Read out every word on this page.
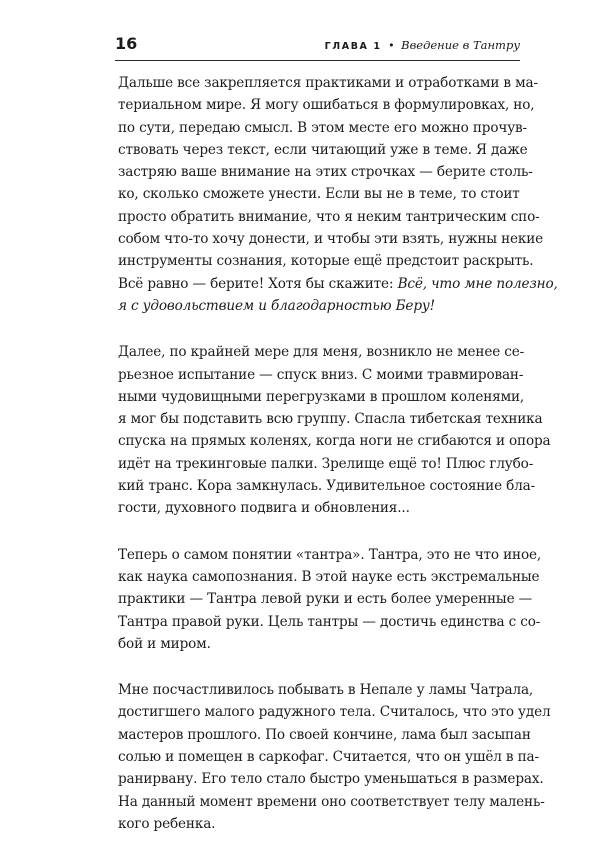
16	ГЛАВА 1 • Введение в Тантру
Дальше все закрепляется практиками и отработками в ма-
териальном мире. Я могу ошибаться в формулировках, но,
по сути, передаю смысл. В этом месте его можно прочув-
ствовать через текст, если читающий уже в теме. Я даже
застряю ваше внимание на этих строчках — берите столь-
ко, сколько сможете унести. Если вы не в теме, то стоит
просто обратить внимание, что я неким тантрическим спо-
собом что-то хочу донести, и чтобы эти взять, нужны некие
инструменты сознания, которые ещё предстоит раскрыть.
Всё равно — берите! Хотя бы скажите: Всё, что мне полезно,
я с удовольствием и благодарностью Беру!
Далее, по крайней мере для меня, возникло не менее се-
рьезное испытание — спуск вниз. С моими травмирован-
ными чудовищными перегрузками в прошлом коленями,
я мог бы подставить всю группу. Спасла тибетская техника
спуска на прямых коленях, когда ноги не сгибаются и опора
идёт на трекинговые палки. Зрелище ещё то! Плюс глубо-
кий транс. Кора замкнулась. Удивительное состояние бла-
гости, духовного подвига и обновления...
Теперь о самом понятии «тантра». Тантра, это не что иное,
как наука самопознания. В этой науке есть экстремальные
практики — Тантра левой руки и есть более умеренные —
Тантра правой руки. Цель тантры — достичь единства с со-
бой и миром.
Мне посчастливилось побывать в Непале у ламы Чатрала,
достигшего малого радужного тела. Считалось, что это удел
мастеров прошлого. По своей кончине, лама был засыпан
солью и помещен в саркофаг. Считается, что он ушёл в па-
ранирвану. Его тело стало быстро уменьшаться в размерах.
На данный момент времени оно соответствует телу малень-
кого ребенка.
